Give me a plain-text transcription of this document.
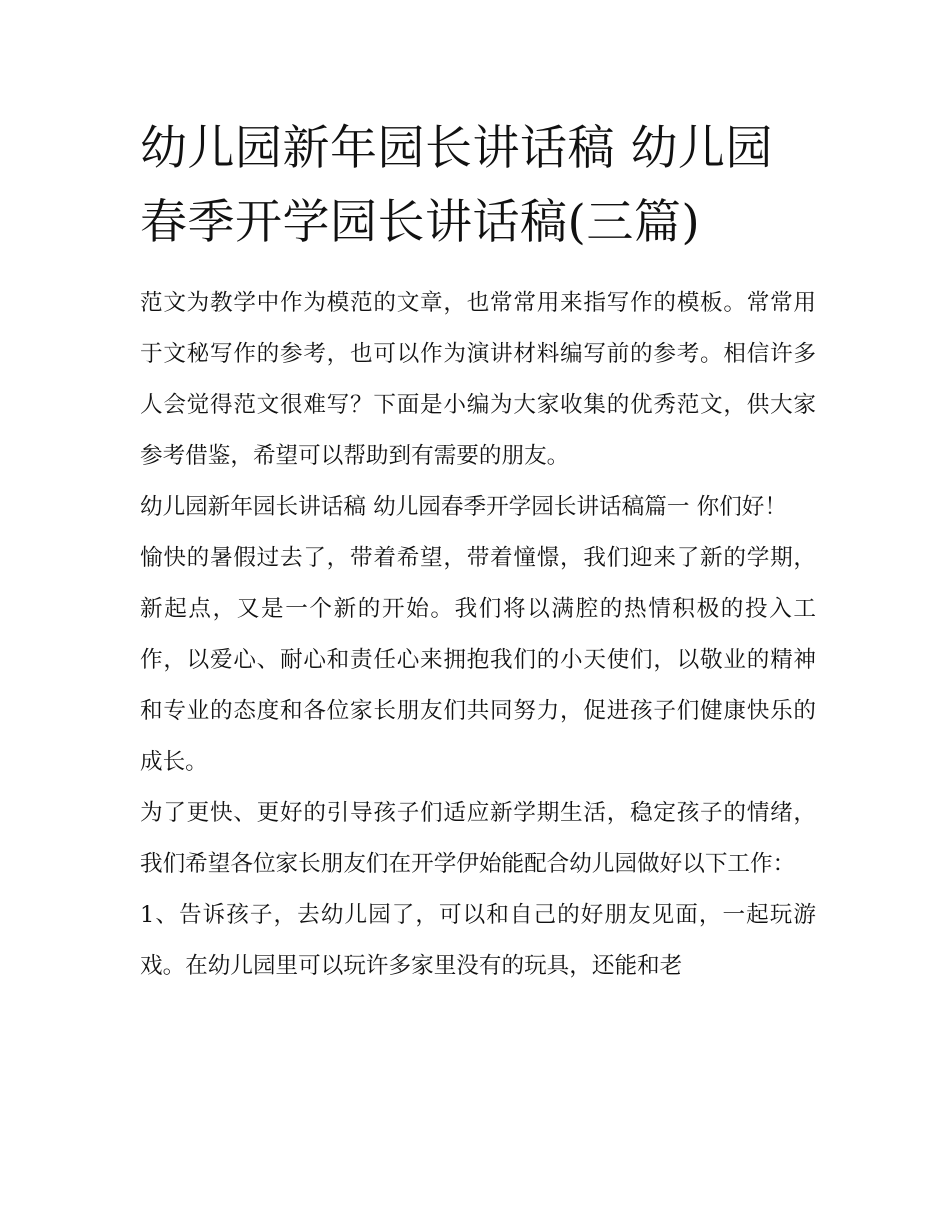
幼儿园新年园长讲话稿 幼儿园春季开学园长讲话稿(三篇)

范文为教学中作为模范的文章，也常常用来指写作的模板。常常用于文秘写作的参考，也可以作为演讲材料编写前的参考。相信许多人会觉得范文很难写？下面是小编为大家收集的优秀范文，供大家参考借鉴，希望可以帮助到有需要的朋友。

幼儿园新年园长讲话稿 幼儿园春季开学园长讲话稿篇一 你们好！

愉快的暑假过去了，带着希望，带着憧憬，我们迎来了新的学期，新起点，又是一个新的开始。我们将以满腔的热情积极的投入工作，以爱心、耐心和责任心来拥抱我们的小天使们，以敬业的精神和专业的态度和各位家长朋友们共同努力，促进孩子们健康快乐的成长。

为了更快、更好的引导孩子们适应新学期生活，稳定孩子的情绪，我们希望各位家长朋友们在开学伊始能配合幼儿园做好以下工作：

1、告诉孩子，去幼儿园了，可以和自己的好朋友见面，一起玩游戏。在幼儿园里可以玩许多家里没有的玩具，还能和老
